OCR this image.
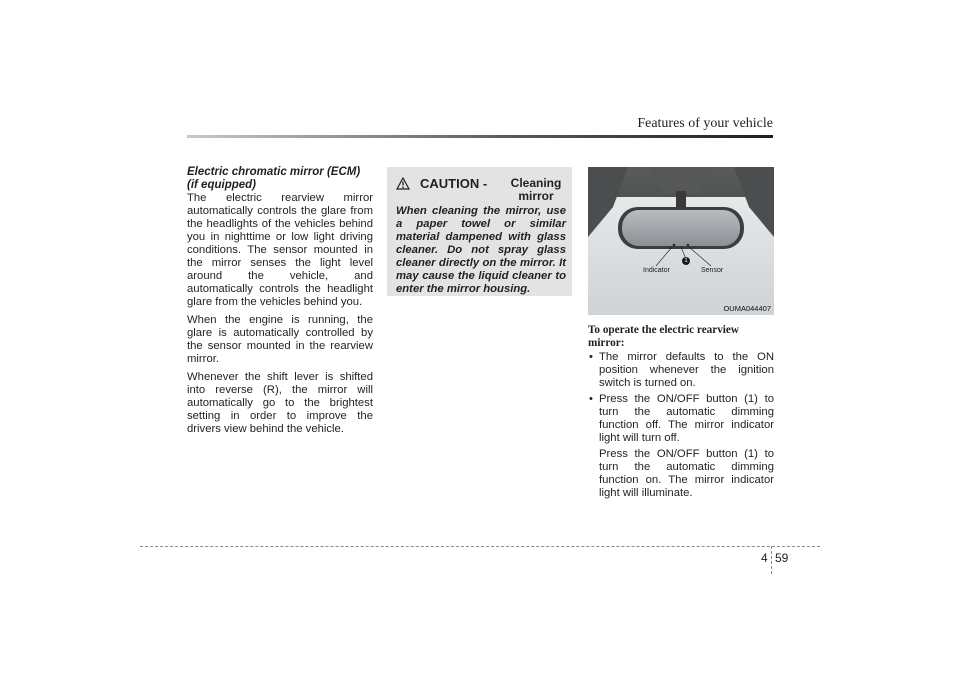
Features of your vehicle
Electric chromatic mirror (ECM)
(if equipped)

The electric rearview mirror automatically controls the glare from the headlights of the vehicles behind you in nighttime or low light driving conditions. The sensor mounted in the mirror senses the light level around the vehicle, and automatically controls the headlight glare from the vehicles behind you.

When the engine is running, the glare is automatically controlled by the sensor mounted in the rearview mirror.

Whenever the shift lever is shifted into reverse (R), the mirror will automatically go to the brightest setting in order to improve the drivers view behind the vehicle.

CAUTION -	Cleaning mirror
When cleaning the mirror, use a paper towel or similar material dampened with glass cleaner. Do not spray glass cleaner directly on the mirror. It may cause the liquid cleaner to enter the mirror housing.
Indicator	Sensor
1
OUMA044407
To operate the electric rearview mirror:
• The mirror defaults to the ON position whenever the ignition switch is turned on.
• Press the ON/OFF button (1) to turn the automatic dimming function off. The mirror indicator light will turn off.
Press the ON/OFF button (1) to turn the automatic dimming function on. The mirror indicator light will illuminate.
4 59
